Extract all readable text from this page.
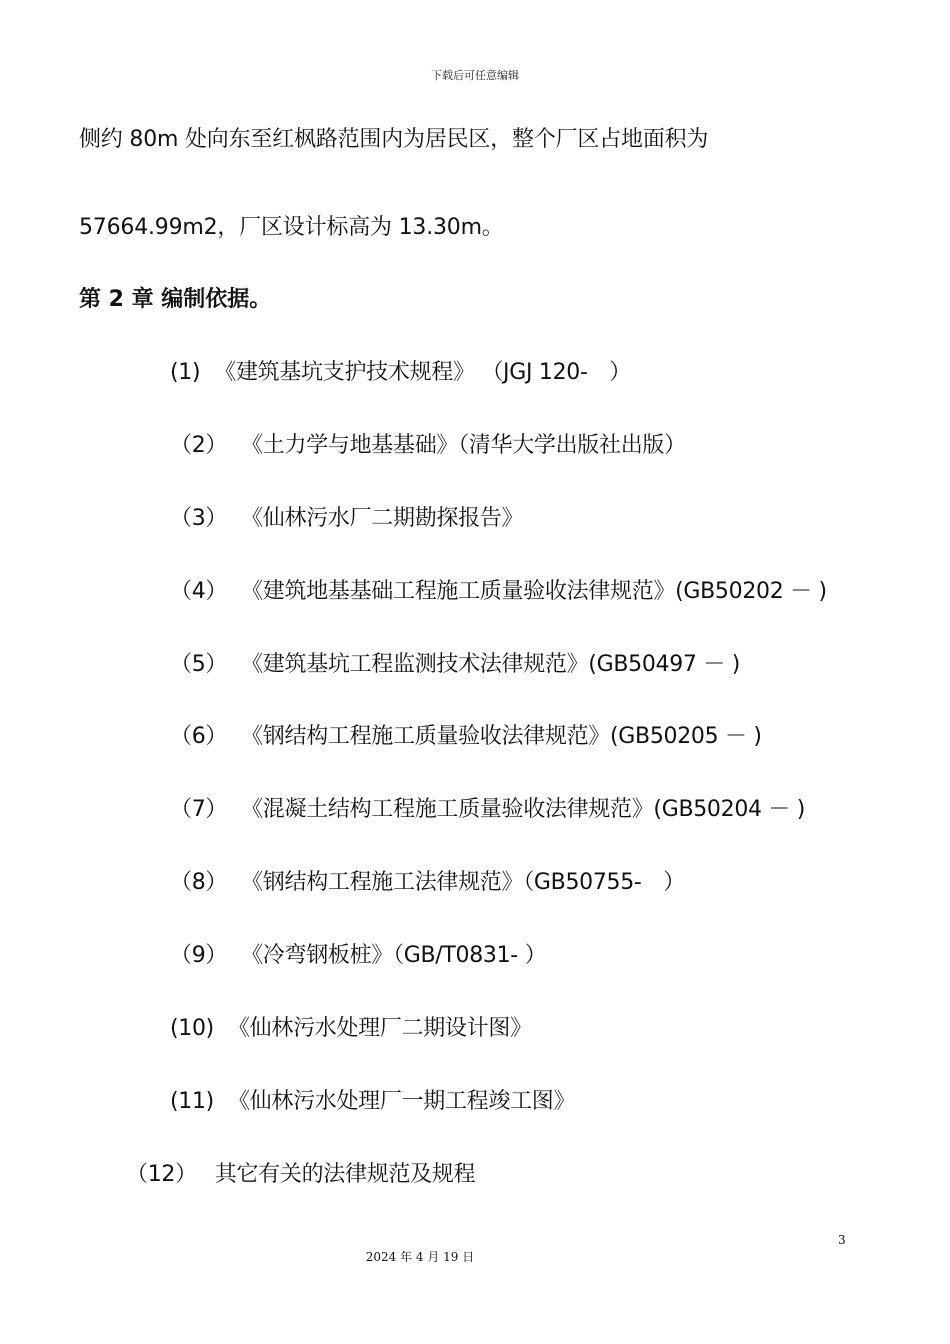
下载后可任意编辑
侧约 80m 处向东至红枫路范围内为居民区，整个厂区占地面积为
57664.99m2，厂区设计标高为 13.30m。
第 2 章 编制依据。
(1) 《建筑基坑支护技术规程》 （JGJ 120-　）
（2） 《土力学与地基基础》（清华大学出版社出版）
（3） 《仙林污水厂二期勘探报告》
（4） 《建筑地基基础工程施工质量验收法律规范》(GB50202 － )
（5） 《建筑基坑工程监测技术法律规范》(GB50497 － )
（6） 《钢结构工程施工质量验收法律规范》(GB50205 － )
（7） 《混凝土结构工程施工质量验收法律规范》(GB50204 － )
（8） 《钢结构工程施工法律规范》（GB50755-　）
（9） 《冷弯钢板桩》（GB/T0831- ）
(10) 《仙林污水处理厂二期设计图》
(11) 《仙林污水处理厂一期工程竣工图》
（12） 其它有关的法律规范及规程
3
2024 年 4 月 19 日
